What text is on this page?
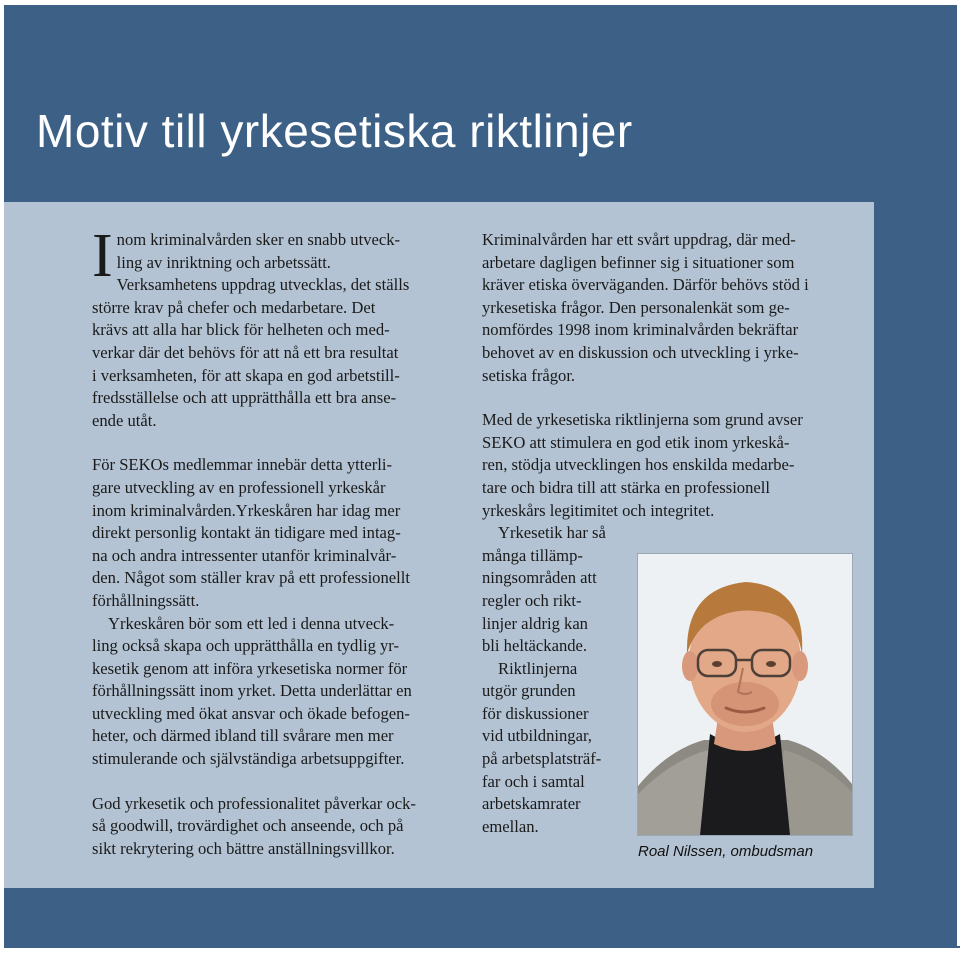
Motiv till yrkesetiska riktlinjer

I nom kriminalvården sker en snabb utveck-
ling av inriktning och arbetssätt.
Verksamhetens uppdrag utvecklas, det ställs
större krav på chefer och medarbetare. Det
krävs att alla har blick för helheten och med-
verkar där det behövs för att nå ett bra resultat
i verksamheten, för att skapa en god arbetstill-
fredsställelse och att upprätthålla ett bra anse-
ende utåt.

För SEKOs medlemmar innebär detta ytterli-
gare utveckling av en professionell yrkeskår
inom kriminalvården.Yrkeskåren har idag mer
direkt personlig kontakt än tidigare med intag-
na och andra intressenter utanför kriminalvår-
den. Något som ställer krav på ett professionellt
förhållningssätt.

Yrkeskåren bör som ett led i denna utveck-
ling också skapa och upprätthålla en tydlig yr-
kesetik genom att införa yrkesetiska normer för
förhållningssätt inom yrket. Detta underlättar en
utveckling med ökat ansvar och ökade befogen-
heter, och därmed ibland till svårare men mer
stimulerande och självständiga arbetsuppgifter.

God yrkesetik och professionalitet påverkar ock-
så goodwill, trovärdighet och anseende, och på
sikt rekrytering och bättre anställningsvillkor.

Kriminalvården har ett svårt uppdrag, där med-
arbetare dagligen befinner sig i situationer som
kräver etiska överväganden. Därför behövs stöd i
yrkesetiska frågor. Den personalenkät som ge-
nomfördes 1998 inom kriminalvården bekräftar
behovet av en diskussion och utveckling i yrke-
setiska frågor.

Med de yrkesetiska riktlinjerna som grund avser
SEKO att stimulera en god etik inom yrkeskå-
ren, stödja utvecklingen hos enskilda medarbe-
tare och bidra till att stärka en professionell
yrkeskårs legitimitet och integritet.

Yrkesetik har så
många tillämp-
ningsområden att
regler och rikt-
linjer aldrig kan
bli heltäckande.

Riktlinjerna
utgör grunden
för diskussioner
vid utbildningar,
på arbetsplatsträf-
far och i samtal
arbetskamrater
emellan.

Roal Nilssen, ombudsman
